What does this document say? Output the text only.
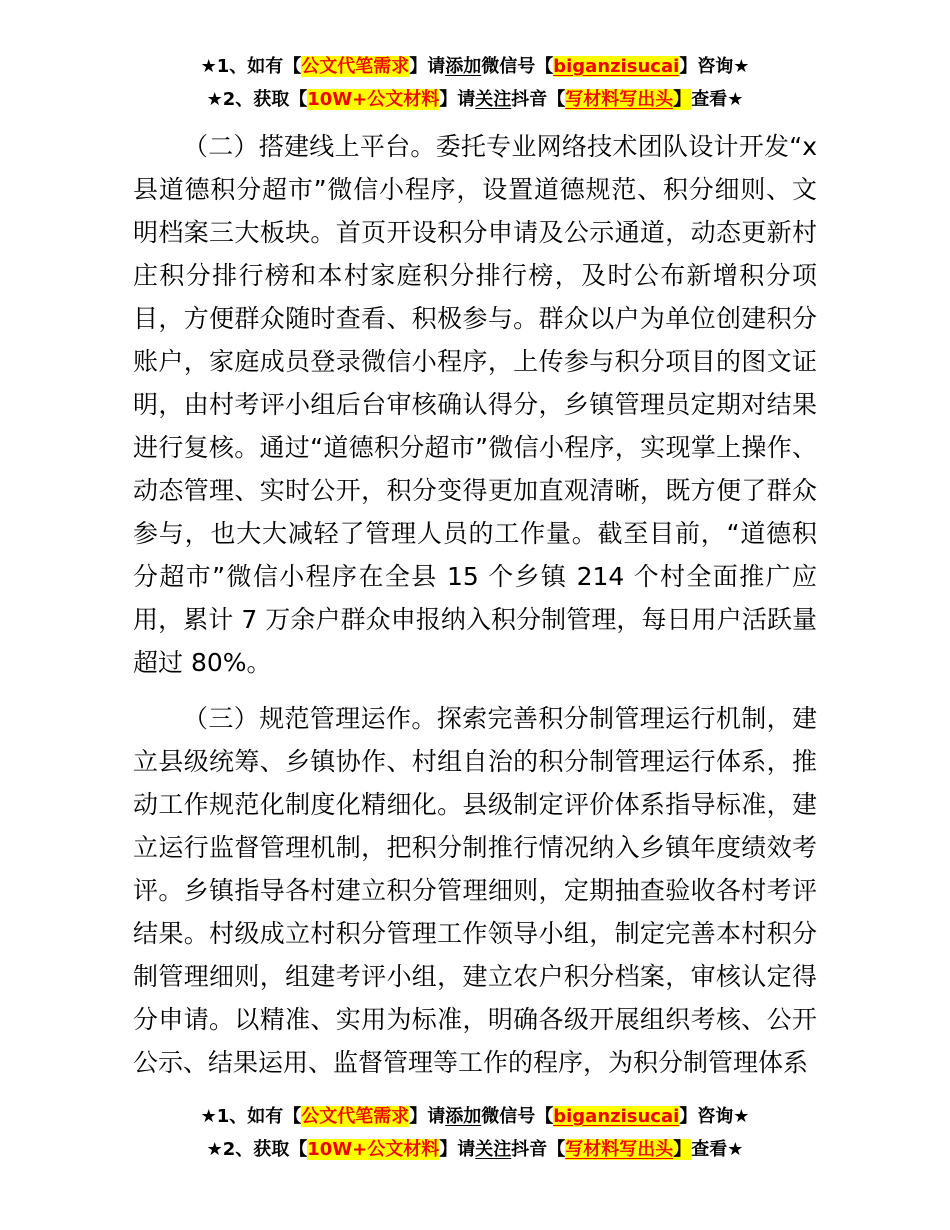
★1、如有【公文代笔需求】请添加微信号【biganzisucai】咨询★
★2、获取【10W+公文材料】请关注抖音【写材料写出头】查看★

（二）搭建线上平台。委托专业网络技术团队设计开发“x 县道德积分超市”微信小程序，设置道德规范、积分细则、文明档案三大板块。首页开设积分申请及公示通道，动态更新村庄积分排行榜和本村家庭积分排行榜，及时公布新增积分项目，方便群众随时查看、积极参与。群众以户为单位创建积分账户，家庭成员登录微信小程序，上传参与积分项目的图文证明，由村考评小组后台审核确认得分，乡镇管理员定期对结果进行复核。通过“道德积分超市”微信小程序，实现掌上操作、动态管理、实时公开，积分变得更加直观清晰，既方便了群众参与，也大大减轻了管理人员的工作量。截至目前，“道德积分超市”微信小程序在全县 15 个乡镇 214 个村全面推广应用，累计 7 万余户群众申报纳入积分制管理，每日用户活跃量超过 80%。

（三）规范管理运作。探索完善积分制管理运行机制，建立县级统筹、乡镇协作、村组自治的积分制管理运行体系，推动工作规范化制度化精细化。县级制定评价体系指导标准，建立运行监督管理机制，把积分制推行情况纳入乡镇年度绩效考评。乡镇指导各村建立积分管理细则，定期抽查验收各村考评结果。村级成立村积分管理工作领导小组，制定完善本村积分制管理细则，组建考评小组，建立农户积分档案，审核认定得分申请。以精准、实用为标准，明确各级开展组织考核、公开公示、结果运用、监督管理等工作的程序，为积分制管理体系

★1、如有【公文代笔需求】请添加微信号【biganzisucai】咨询★
★2、获取【10W+公文材料】请关注抖音【写材料写出头】查看★
